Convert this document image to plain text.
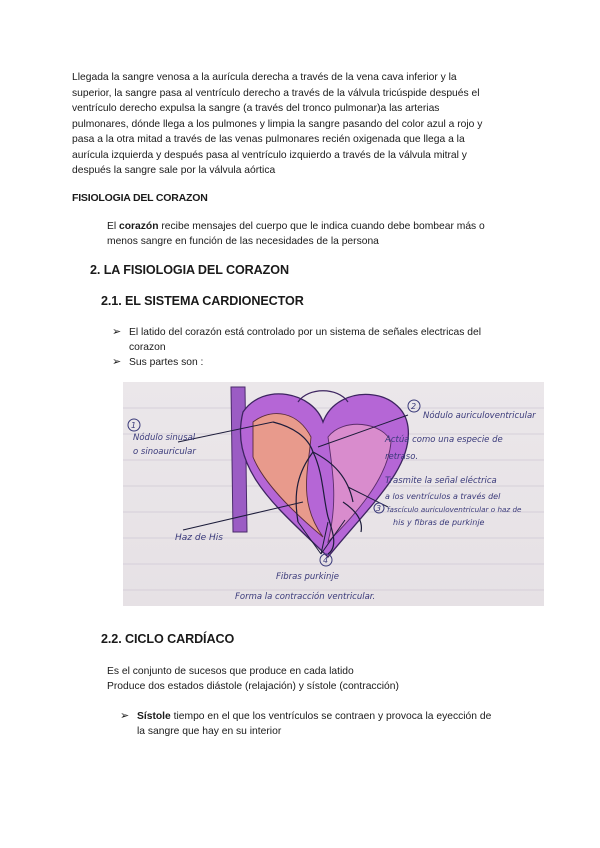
Llegada la sangre venosa a la aurícula derecha a través de la vena cava inferior y la

superior, la sangre pasa al ventrículo derecho a través de la válvula tricúspide después el

ventrículo derecho expulsa la sangre (a través del tronco pulmonar)a las arterias

pulmonares, dónde llega a los pulmones y limpia la sangre pasando del color azul a rojo y

pasa a la otra mitad a través de las venas pulmonares recién oxigenada que llega a la

aurícula izquierda y después pasa al ventrículo izquierdo a través de la válvula mitral y

después la sangre sale por la válvula aórtica

FISIOLOGIA DEL CORAZON

El corazón recibe mensajes del cuerpo que le indica cuando debe bombear más o

menos sangre en función de las necesidades de la persona

2. LA FISIOLOGIA DEL CORAZON

2.1. EL SISTEMA CARDIONECTOR

➢ El latido del corazón está controlado por un sistema de señales electricas del

corazon

➢ Sus partes son :

1
2
3
4
Nódulo sinusal
o sinoauricular
Nódulo auriculoventricular
Actúa como una especie de
retraso.
Trasmite la señal eléctrica
a los ventrículos a través del
fascículo auriculoventricular o haz de
his y fibras de purkinje
Haz de His
Fibras purkinje
Forma la contracción ventricular.

2.2. CICLO CARDÍACO

Es el conjunto de sucesos que produce en cada latido

Produce dos estados diástole (relajación) y sístole (contracción)

➢ Sístole tiempo en el que los ventrículos se contraen y provoca la eyección de

la sangre que hay en su interior
